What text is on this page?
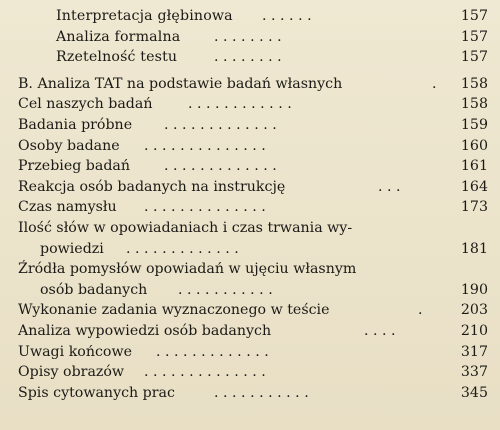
Interpretacja głębinowa . . . . . .	157
Analiza formalna . . . . . . . .	157
Rzetelność testu	. . . . . . . .	157
B. Analiza TAT na podstawie badań własnych	.	158
Cel naszych badań	. . . . . . . . . . . .	158
Badania próbne . . . . . . . . . . . . .	159
Osoby badane . . . . . . . . . . . . . .	160
Przebieg badań . . . . . . . . . . . . .	161
Reakcja osób badanych na instrukcję	. . .	164
Czas namysłu . . . . . . . . . . . . . .	173
Ilość słów w opowiadaniach i czas trwania wy-
powiedzi . . . . . . . . . . . . .	181
Źródła pomysłów opowiadań w ujęciu własnym
osób badanych . . . . . . . . . . .	190
Wykonanie zadania wyznaczonego w teście	.	203
Analiza wypowiedzi osób badanych	. . . .	210
Uwagi końcowe . . . . . . . . . . . . .	317
Opisy obrazów . . . . . . . . . . . . . .	337
Spis cytowanych prac	. . . . . . . . . . .	345
